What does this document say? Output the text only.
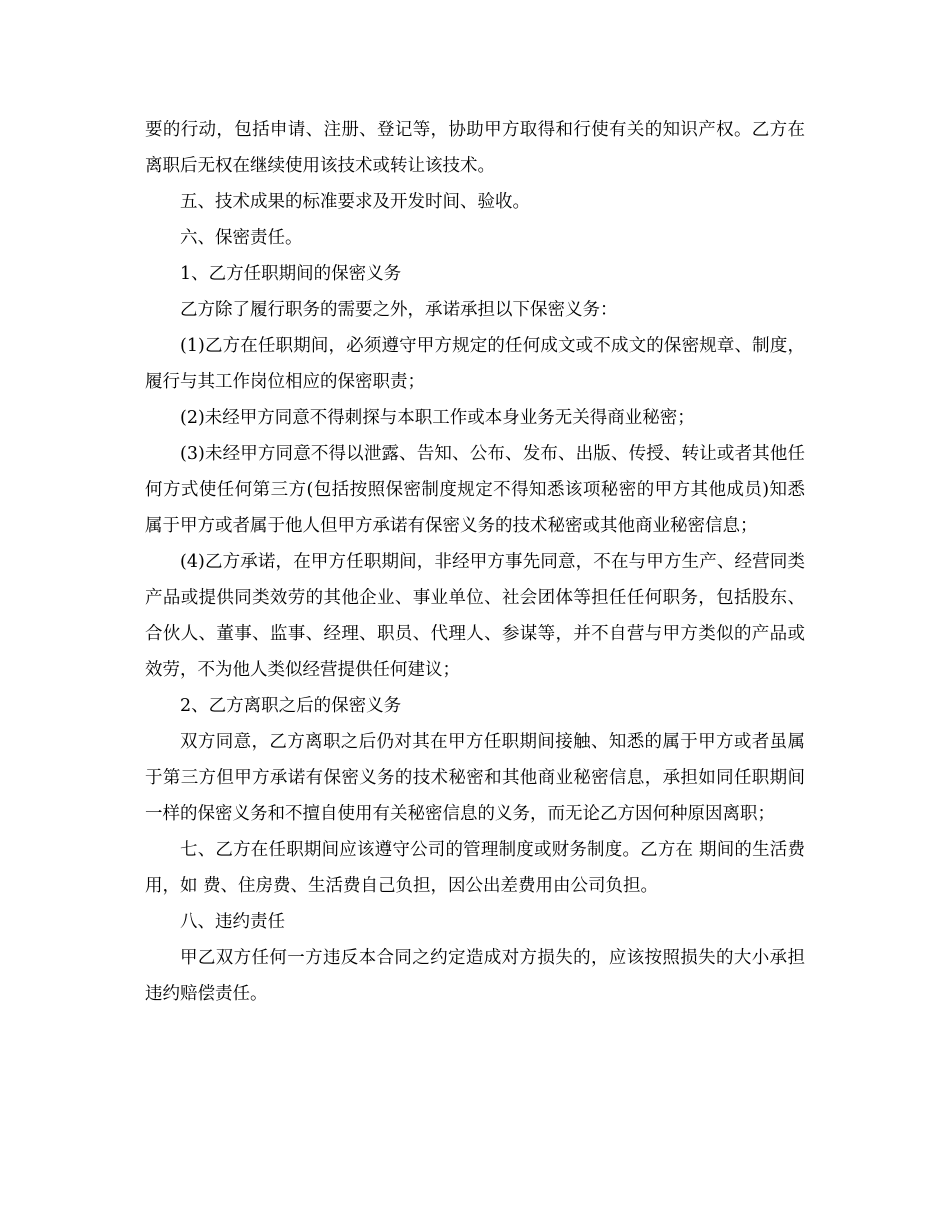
要的行动，包括申请、注册、登记等，协助甲方取得和行使有关的知识产权。乙方在离职后无权在继续使用该技术或转让该技术。

五、技术成果的标准要求及开发时间、验收。

六、保密责任。

1、乙方任职期间的保密义务

乙方除了履行职务的需要之外，承诺承担以下保密义务：

(1)乙方在任职期间，必须遵守甲方规定的任何成文或不成文的保密规章、制度，履行与其工作岗位相应的保密职责；

(2)未经甲方同意不得刺探与本职工作或本身业务无关得商业秘密；

(3)未经甲方同意不得以泄露、告知、公布、发布、出版、传授、转让或者其他任何方式使任何第三方(包括按照保密制度规定不得知悉该项秘密的甲方其他成员)知悉属于甲方或者属于他人但甲方承诺有保密义务的技术秘密或其他商业秘密信息；

(4)乙方承诺，在甲方任职期间，非经甲方事先同意，不在与甲方生产、经营同类产品或提供同类效劳的其他企业、事业单位、社会团体等担任任何职务，包括股东、合伙人、董事、监事、经理、职员、代理人、参谋等，并不自营与甲方类似的产品或效劳，不为他人类似经营提供任何建议；

2、乙方离职之后的保密义务

双方同意，乙方离职之后仍对其在甲方任职期间接触、知悉的属于甲方或者虽属于第三方但甲方承诺有保密义务的技术秘密和其他商业秘密信息，承担如同任职期间一样的保密义务和不擅自使用有关秘密信息的义务，而无论乙方因何种原因离职；

七、乙方在任职期间应该遵守公司的管理制度或财务制度。乙方在 期间的生活费用，如 费、住房费、生活费自己负担，因公出差费用由公司负担。

八、违约责任

甲乙双方任何一方违反本合同之约定造成对方损失的，应该按照损失的大小承担违约赔偿责任。
